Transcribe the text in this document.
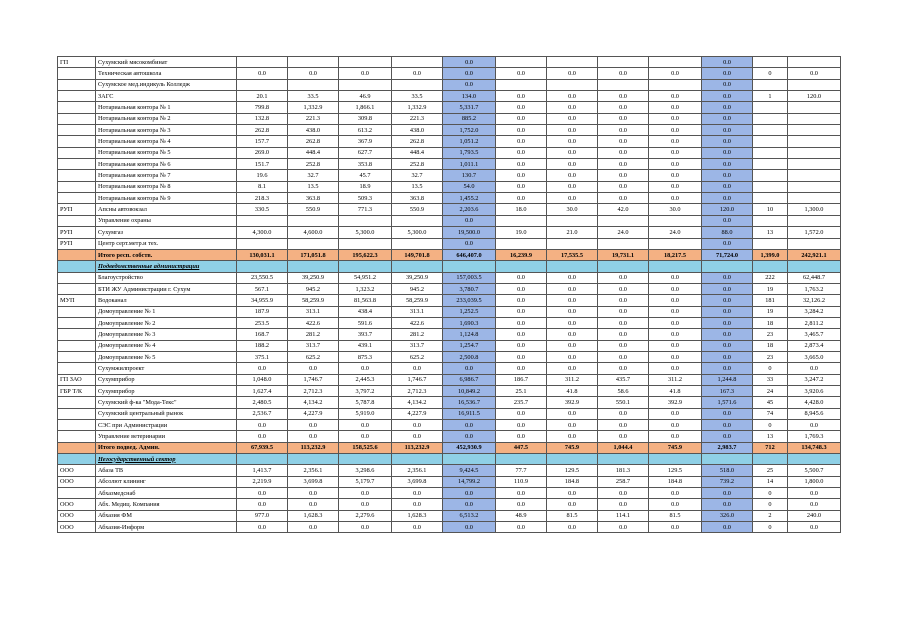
ГП	Сухумский мясокомбинат					0.0					0.0		
	Техническая автошкола	0.0	0.0	0.0	0.0	0.0	0.0	0.0	0.0	0.0	0.0	0	0.0
	Сухумское мед.индикуль Колледж					0.0					0.0		
	ЗАГС	20.1	33.5	46.9	33.5	134.0	0.0	0.0	0.0	0.0	0.0	1	120.0
	Нотариальная контора № 1	799.8	1,332.9	1,866.1	1,332.9	5,331.7	0.0	0.0	0.0	0.0	0.0		
	Нотариальная контора № 2	132.8	221.3	309.8	221.3	885.2	0.0	0.0	0.0	0.0	0.0		
	Нотариальная контора № 3	262.8	438.0	613.2	438.0	1,752.0	0.0	0.0	0.0	0.0	0.0		
	Нотариальная контора № 4	157.7	262.8	367.9	262.8	1,051.2	0.0	0.0	0.0	0.0	0.0		
	Нотариальная контора № 5	269.0	448.4	627.7	448.4	1,793.5	0.0	0.0	0.0	0.0	0.0		
	Нотариальная контора № 6	151.7	252.8	353.8	252.8	1,011.1	0.0	0.0	0.0	0.0	0.0		
	Нотариальная контора № 7	19.6	32.7	45.7	32.7	130.7	0.0	0.0	0.0	0.0	0.0		
	Нотариальная контора № 8	8.1	13.5	18.9	13.5	54.0	0.0	0.0	0.0	0.0	0.0		
	Нотариальная контора № 9	218.3	363.8	509.3	363.8	1,455.2	0.0	0.0	0.0	0.0	0.0		
РУП	Апсны автовокзал	330.5	550.9	771.3	550.9	2,203.6	18.0	30.0	42.0	30.0	120.0	10	1,300.0
	Управление охраны					0.0					0.0		
РУП	Сухумгаз	4,300.0	4,600.0	5,300.0	5,300.0	19,500.0	19.0	21.0	24.0	24.0	88.0	13	1,572.0
РУП	Центр серт.метр.и тех.					0.0					0.0		
	Итого респ. собств.	130,031.1	171,051.8	195,622.3	149,701.8	646,407.0	16,239.9	17,535.5	19,731.1	18,217.5	71,724.0	1,399.0	242,921.1
	Подведомственные администрации												
	Благоустройство	23,550.5	39,250.9	54,951.2	39,250.9	157,003.5	0.0	0.0	0.0	0.0	0.0	222	62,448.7
	БТИ ЖУ Администрации г. Сухум	567.1	945.2	1,323.2	945.2	3,780.7	0.0	0.0	0.0	0.0	0.0	19	1,763.2
МУП	Водоканал	34,955.9	58,259.9	81,563.8	58,259.9	233,039.5	0.0	0.0	0.0	0.0	0.0	181	32,126.2
	Домоуправление № 1	187.9	313.1	438.4	313.1	1,252.5	0.0	0.0	0.0	0.0	0.0	19	3,284.2
	Домоуправление № 2	253.5	422.6	591.6	422.6	1,690.3	0.0	0.0	0.0	0.0	0.0	18	2,811.2
	Домоуправление № 3	168.7	281.2	393.7	281.2	1,124.8	0.0	0.0	0.0	0.0	0.0	23	3,465.7
	Домоуправление № 4	188.2	313.7	439.1	313.7	1,254.7	0.0	0.0	0.0	0.0	0.0	18	2,873.4
	Домоуправление № 5	375.1	625.2	875.3	625.2	2,500.8	0.0	0.0	0.0	0.0	0.0	23	3,665.0
	Сухумжилпроект	0.0	0.0	0.0	0.0	0.0	0.0	0.0	0.0	0.0	0.0	0	0.0
ГП ЗАО	Сухумприбор	1,048.0	1,746.7	2,445.3	1,746.7	6,986.7	186.7	311.2	435.7	311.2	1,244.8	33	3,247.2
ГБР Т/К	Сухумприбор	1,627.4	2,712.3	3,797.2	2,712.3	10,849.2	25.1	41.8	58.6	41.8	167.3	24	3,920.6
	Сухумский ф-ка "Мода-Текс"	2,480.5	4,134.2	5,787.8	4,134.2	16,536.7	235.7	392.9	550.1	392.9	1,571.6	45	4,428.0
	Сухумский центральный рынок	2,536.7	4,227.9	5,919.0	4,227.9	16,911.5	0.0	0.0	0.0	0.0	0.0	74	8,945.6
	СЭС при Администрации	0.0	0.0	0.0	0.0	0.0	0.0	0.0	0.0	0.0	0.0	0	0.0
	Управление ветеринарии	0.0	0.0	0.0	0.0	0.0	0.0	0.0	0.0	0.0	0.0	13	1,769.3
	Итого подвед. Админ.	67,939.5	113,232.9	158,525.6	113,232.9	452,930.9	447.5	745.9	1,044.4	745.9	2,983.7	712	134,748.3
	Негосударственный сектор												
ООО	Абаза ТВ	1,413.7	2,356.1	3,298.6	2,356.1	9,424.5	77.7	129.5	181.3	129.5	518.0	25	5,500.7
ООО	Абсолют клининг	2,219.9	3,699.8	5,179.7	3,699.8	14,799.2	110.9	184.8	258.7	184.8	739.2	14	1,800.0
	Абхазмедснаб	0.0	0.0	0.0	0.0	0.0	0.0	0.0	0.0	0.0	0.0	0	0.0
ООО	Абх. Медиц. Компания	0.0	0.0	0.0	0.0	0.0	0.0	0.0	0.0	0.0	0.0	0	0.0
ООО	Абхазия ФМ	977.0	1,628.3	2,279.6	1,628.3	6,513.2	48.9	81.5	114.1	81.5	326.0	2	240.0
ООО	Абхазия-Информ	0.0	0.0	0.0	0.0	0.0	0.0	0.0	0.0	0.0	0.0	0	0.0
